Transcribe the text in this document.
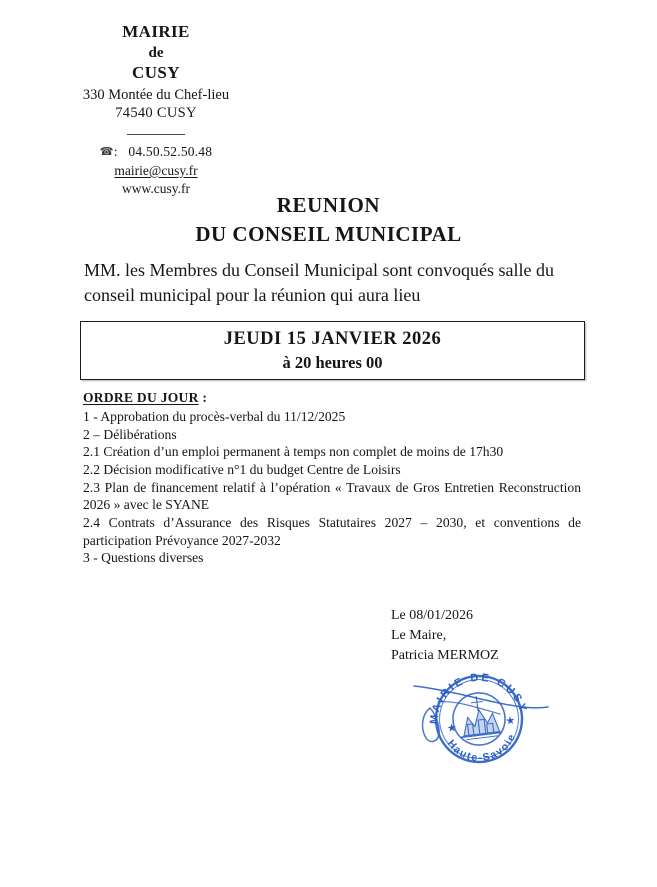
MAIRIE
de
CUSY
330 Montée du Chef-lieu
74540 CUSY
☎: 04.50.52.50.48
mairie@cusy.fr
www.cusy.fr
REUNION
DU CONSEIL MUNICIPAL
MM. les Membres du Conseil Municipal sont convoqués salle du conseil municipal pour la réunion qui aura lieu
JEUDI 15 JANVIER 2026
à 20 heures 00
ORDRE DU JOUR :
1 - Approbation du procès-verbal du 11/12/2025
2 – Délibérations
2.1 Création d’un emploi permanent à temps non complet de moins de 17h30
2.2 Décision modificative n°1 du budget Centre de Loisirs
2.3 Plan de financement relatif à l’opération « Travaux de Gros Entretien Reconstruction 2026 » avec le SYANE
2.4 Contrats d’Assurance des Risques Statutaires 2027 – 2030, et conventions de participation Prévoyance 2027-2032
3 - Questions diverses
Le 08/01/2026
Le Maire,
Patricia MERMOZ
★
★
MAIRIE DE CUSY
Haute-Savoie
